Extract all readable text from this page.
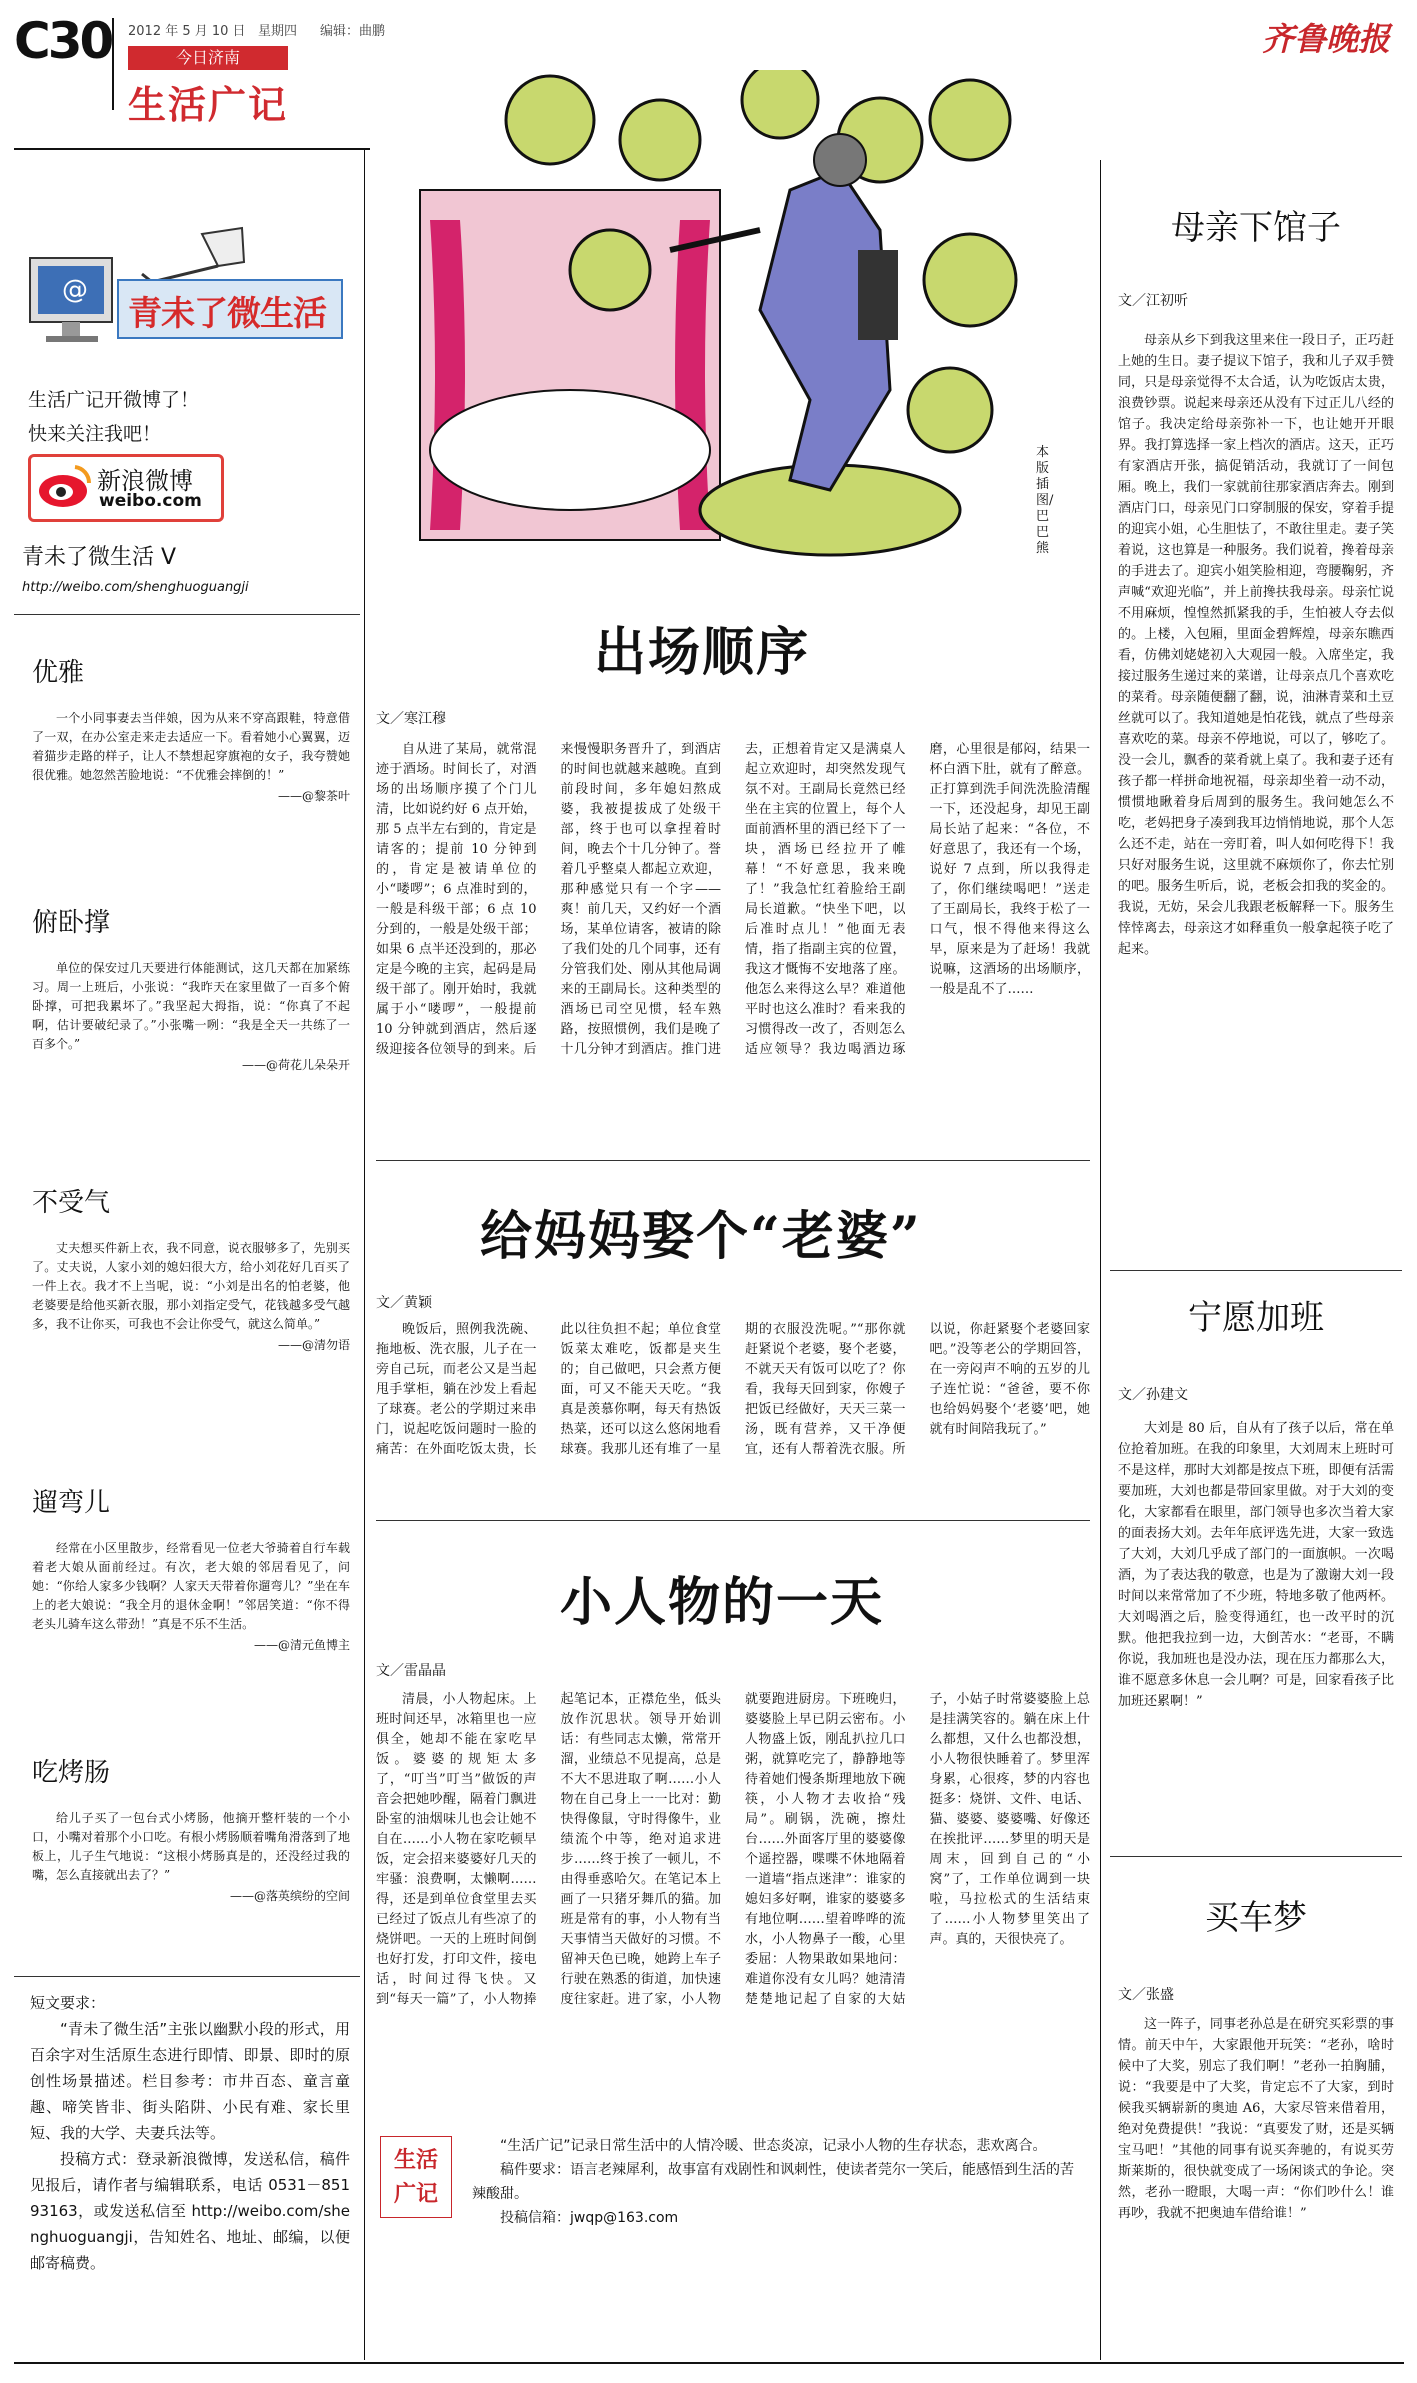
C30 2012 年 5 月 10 日 星期四 编辑：曲鹏
今日济南
生活广记
齐鲁晚报
@
青未了微生活
生活广记开微博了！
快来关注我吧！
新浪微博
weibo.com
青未了微生活 V
http://weibo.com/shenghuoguangji
优雅

一个小同事妻去当伴娘，因为从来不穿高跟鞋，特意借了一双，在办公室走来走去适应一下。看着她小心翼翼，迈着猫步走路的样子，让人不禁想起穿旗袍的女子，我夸赞她很优雅。她忽然苦脸地说：“不优雅会摔倒的！”

——@黎茶叶

俯卧撑

单位的保安过几天要进行体能测试，这几天都在加紧练习。周一上班后，小张说：“我昨天在家里做了一百多个俯卧撑，可把我累坏了。”我坚起大拇指，说：“你真了不起啊，估计要破纪录了。”小张嘴一咧：“我是全天一共练了一百多个。”

——@荷花儿朵朵开

不受气

丈夫想买件新上衣，我不同意，说衣服够多了，先别买了。丈夫说，人家小刘的媳妇很大方，给小刘花好几百买了一件上衣。我才不上当呢，说：“小刘是出名的怕老婆，他老婆要是给他买新衣服，那小刘指定受气，花钱越多受气越多，我不让你买，可我也不会让你受气，就这么简单。”

——@清勿语

遛弯儿

经常在小区里散步，经常看见一位老大爷骑着自行车载着老大娘从面前经过。有次，老大娘的邻居看见了，问她：“你给人家多少钱啊？人家天天带着你遛弯儿？”坐在车上的老大娘说：“我全月的退休金啊！”邻居笑道：“你不得老头儿骑车这么带劲！”真是不乐不生活。

——@清元鱼博主

吃烤肠

给儿子买了一包台式小烤肠，他摘开整杆装的一个小口，小嘴对着那个小口吃。有根小烤肠顺着嘴角滑落到了地板上，儿子生气地说：“这根小烤肠真是的，还没经过我的嘴，怎么直接就出去了？”

——@落英缤纷的空间

短文要求：

“青未了微生活”主张以幽默小段的形式，用百余字对生活原生态进行即情、即景、即时的原创性场景描述。栏目参考：市井百态、童言童趣、啼笑皆非、街头陷阱、小民有难、家长里短、我的大学、夫妻兵法等。

投稿方式：登录新浪微博，发送私信，稿件见报后，请作者与编辑联系，电话 0531－85193163，或发送私信至 http://weibo.com/shenghuoguangji，告知姓名、地址、邮编，以便邮寄稿费。

本版插图/巴巴熊
出场顺序
文／寒江穆

自从进了某局，就常混迹于酒场。时间长了，对酒场的出场顺序摸了个门儿清，比如说约好 6 点开始，那 5 点半左右到的，肯定是请客的；提前 10 分钟到的，肯定是被请单位的小“喽啰”；6 点准时到的，一般是科级干部；6 点 10 分到的，一般是处级干部；如果 6 点半还没到的，那必定是今晚的主宾，起码是局级干部了。刚开始时，我就属于小“喽啰”，一般提前 10 分钟就到酒店，然后逐级迎接各位领导的到来。后来慢慢职务晋升了，到酒店的时间也就越来越晚。直到前段时间，多年媳妇熬成婆，我被提拔成了处级干部，终于也可以拿捏着时间，晚去个十几分钟了。誉着几乎整桌人都起立欢迎，那种感觉只有一个字——爽！前几天，又约好一个酒场，某单位请客，被请的除了我们处的几个同事，还有分管我们处、刚从其他局调来的王副局长。这种类型的酒场已司空见惯，轻车熟路，按照惯例，我们是晚了十几分钟才到酒店。推门进去，正想着肯定又是满桌人起立欢迎时，却突然发现气氛不对。王副局长竟然已经坐在主宾的位置上，每个人面前酒杯里的酒已经下了一块，酒场已经拉开了帷幕！“不好意思，我来晚了！”我急忙红着脸给王副局长道歉。“快坐下吧，以后准时点儿！”他面无表情，指了指副主宾的位置，我这才慨悔不安地落了座。他怎么来得这么早？难道他平时也这么准时？看来我的习惯得改一改了，否则怎么适应领导？我边喝酒边琢磨，心里很是郁闷，结果一杯白酒下肚，就有了醉意。正打算到洗手间洗洗脸清醒一下，还没起身，却见王副局长站了起来：“各位，不好意思了，我还有一个场，说好 7 点到，所以我得走了，你们继续喝吧！”送走了王副局长，我终于松了一口气，恨不得他来得这么早，原来是为了赶场！我就说嘛，这酒场的出场顺序，一般是乱不了……

给妈妈娶个“老婆”
文／黄颖

晚饭后，照例我洗碗、拖地板、洗衣服，儿子在一旁自己玩，而老公又是当起甩手掌柜，躺在沙发上看起了球赛。老公的学期过来串门，说起吃饭问题时一脸的痛苦：在外面吃饭太贵，长此以往负担不起；单位食堂饭菜太难吃，饭都是夹生的；自己做吧，只会煮方便面，可又不能天天吃。“我真是羡慕你啊，每天有热饭热菜，还可以这么悠闲地看球赛。我那儿还有堆了一星期的衣服没洗呢。”“那你就赶紧说个老婆，娶个老婆，不就天天有饭可以吃了？你看，我每天回到家，你嫂子把饭已经做好，天天三菜一汤，既有营养，又干净便宜，还有人帮着洗衣服。所以说，你赶紧娶个老婆回家吧。”没等老公的学期回答，在一旁闷声不响的五岁的儿子连忙说：“爸爸，要不你也给妈妈娶个‘老婆’吧，她就有时间陪我玩了。”

小人物的一天
文／雷晶晶

清晨，小人物起床。上班时间还早，冰箱里也一应俱全，她却不能在家吃早饭。婆婆的规矩太多了，“叮当”叮当”做饭的声音会把她吵醒，隔着门飘进卧室的油烟味儿也会让她不自在……小人物在家吃顿早饭，定会招来婆婆好几天的牢骚：浪费啊，太懒啊……得，还是到单位食堂里去买已经过了饭点儿有些凉了的烧饼吧。一天的上班时间倒也好打发，打印文件，接电话，时间过得飞快。又到“每天一篇”了，小人物捧起笔记本，正襟危坐，低头放作沉思状。领导开始训话：有些同志太懒，常常开溜，业绩总不见提高，总是不大不思进取了啊……小人物在自己身上一一比对：勤快得像鼠，守时得像牛，业绩流个中等，绝对追求进步……终于挨了一顿儿，不由得垂惑哈欠。在笔记本上画了一只猪牙舞爪的猫。加班是常有的事，小人物有当天事情当天做好的习惯。不留神天色已晚，她跨上车子行驶在熟悉的街道，加快速度往家赶。进了家，小人物就要跑进厨房。下班晚归，婆婆脸上早已阴云密布。小人物盛上饭，刚乱扒拉几口粥，就算吃完了，静静地等待着她们慢条斯理地放下碗筷，小人物才去收拾“残局”。刷锅，洗碗，擦灶台……外面客厅里的婆婆像个遥控器，喋喋不休地隔着一道墙“指点迷津”：谁家的媳妇多好啊，谁家的婆婆多有地位啊……望着哗哗的流水，小人物鼻子一酸，心里委屈：人物果敢如果地问：难道你没有女儿吗？她清清楚楚地记起了自家的大姑子，小姑子时常婆婆脸上总是挂满笑容的。躺在床上什么都想，又什么也都没想，小人物很快睡着了。梦里浑身累，心很疼，梦的内容也挺多：烧饼、文件、电话、猫、婆婆、婆婆嘴、好像还在挨批评……梦里的明天是周末，回到自己的“小窝”了，工作单位调到一块啦，马拉松式的生活结束了……小人物梦里笑出了声。真的，天很快亮了。

生活广记

“生活广记”记录日常生活中的人情冷暖、世态炎凉，记录小人物的生存状态，悲欢离合。

稿件要求：语言老辣犀利，故事富有戏剧性和讽刺性，使读者莞尔一笑后，能感悟到生活的苦辣酸甜。

投稿信箱：jwqp@163.com

母亲下馆子
文／江初听

母亲从乡下到我这里来住一段日子，正巧赶上她的生日。妻子提议下馆子，我和儿子双手赞同，只是母亲觉得不太合适，认为吃饭店太贵，浪费钞票。说起来母亲还从没有下过正儿八经的馆子。我决定给母亲弥补一下，也让她开开眼界。我打算选择一家上档次的酒店。这天，正巧有家酒店开张，搞促销活动，我就订了一间包厢。晚上，我们一家就前往那家酒店奔去。刚到酒店门口，母亲见门口穿制服的保安，穿着手提的迎宾小姐，心生胆怯了，不敢往里走。妻子笑着说，这也算是一种服务。我们说着，搀着母亲的手进去了。迎宾小姐笑脸相迎，弯腰鞠躬，齐声喊“欢迎光临”，并上前搀扶我母亲。母亲忙说不用麻烦，惶惶然抓紧我的手，生怕被人夺去似的。上楼，入包厢，里面金碧辉煌，母亲东瞧西看，仿佛刘姥姥初入大观园一般。入席坐定，我接过服务生递过来的菜谱，让母亲点几个喜欢吃的菜肴。母亲随便翻了翻，说，油淋青菜和土豆丝就可以了。我知道她是怕花钱，就点了些母亲喜欢吃的菜。母亲不停地说，可以了，够吃了。没一会儿，飘香的菜肴就上桌了。我和妻子还有孩子都一样拼命地祝福，母亲却坐着一动不动，惯惯地瞅着身后周到的服务生。我问她怎么不吃，老妈把身子凑到我耳边悄悄地说，那个人怎么还不走，站在一旁盯着，叫人如何吃得下！我只好对服务生说，这里就不麻烦你了，你去忙别的吧。服务生听后，说，老板会扣我的奖金的。我说，无妨，呆会儿我跟老板解释一下。服务生悻悻离去，母亲这才如释重负一般拿起筷子吃了起来。

宁愿加班
文／孙建文

大刘是 80 后，自从有了孩子以后，常在单位抢着加班。在我的印象里，大刘周末上班时可不是这样，那时大刘都是按点下班，即便有活需要加班，大刘也都是带回家里做。对于大刘的变化，大家都看在眼里，部门领导也多次当着大家的面表扬大刘。去年年底评选先进，大家一致选了大刘，大刘几乎成了部门的一面旗帜。一次喝酒，为了表达我的敬意，也是为了激谢大刘一段时间以来常常加了不少班，特地多敬了他两杯。大刘喝酒之后，脸变得通红，也一改平时的沉默。他把我拉到一边，大倒苦水：“老哥，不瞒你说，我加班也是没办法，现在压力都那么大，谁不愿意多休息一会儿啊？可是，回家看孩子比加班还累啊！”

买车梦
文／张盛

这一阵子，同事老孙总是在研究买彩票的事情。前天中午，大家跟他开玩笑：“老孙，啥时候中了大奖，别忘了我们啊！”老孙一拍胸脯，说：“我要是中了大奖，肯定忘不了大家，到时候我买辆崭新的奥迪 A6，大家尽管来借着用，绝对免费提供！”我说：“真要发了财，还是买辆宝马吧！”其他的同事有说买奔驰的，有说买劳斯莱斯的，很快就变成了一场闲谈式的争论。突然，老孙一瞪眼，大喝一声：“你们吵什么！谁再吵，我就不把奥迪车借给谁！”
